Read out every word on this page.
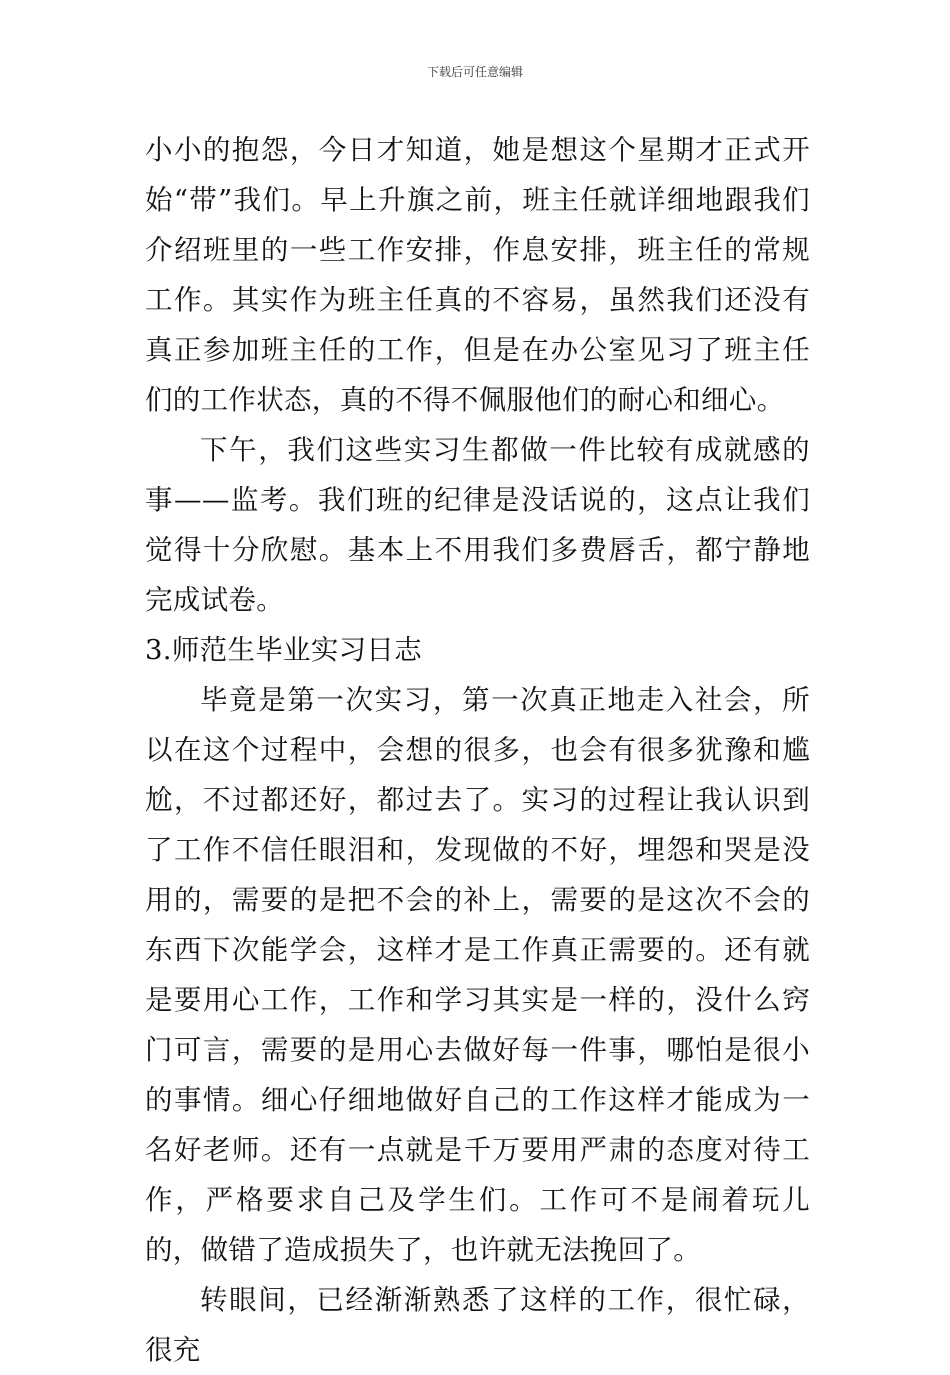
下载后可任意编辑

小小的抱怨，今日才知道，她是想这个星期才正式开始“带”我们。早上升旗之前，班主任就详细地跟我们介绍班里的一些工作安排，作息安排，班主任的常规工作。其实作为班主任真的不容易，虽然我们还没有真正参加班主任的工作，但是在办公室见习了班主任们的工作状态，真的不得不佩服他们的耐心和细心。

下午，我们这些实习生都做一件比较有成就感的事——监考。我们班的纪律是没话说的，这点让我们觉得十分欣慰。基本上不用我们多费唇舌，都宁静地完成试卷。

3.师范生毕业实习日志

毕竟是第一次实习，第一次真正地走入社会，所以在这个过程中，会想的很多，也会有很多犹豫和尴尬，不过都还好，都过去了。实习的过程让我认识到了工作不信任眼泪和，发现做的不好，埋怨和哭是没用的，需要的是把不会的补上，需要的是这次不会的东西下次能学会，这样才是工作真正需要的。还有就是要用心工作，工作和学习其实是一样的，没什么窍门可言，需要的是用心去做好每一件事，哪怕是很小的事情。细心仔细地做好自己的工作这样才能成为一名好老师。还有一点就是千万要用严肃的态度对待工作，严格要求自己及学生们。工作可不是闹着玩儿的，做错了造成损失了，也许就无法挽回了。

转眼间，已经渐渐熟悉了这样的工作，很忙碌，很充
